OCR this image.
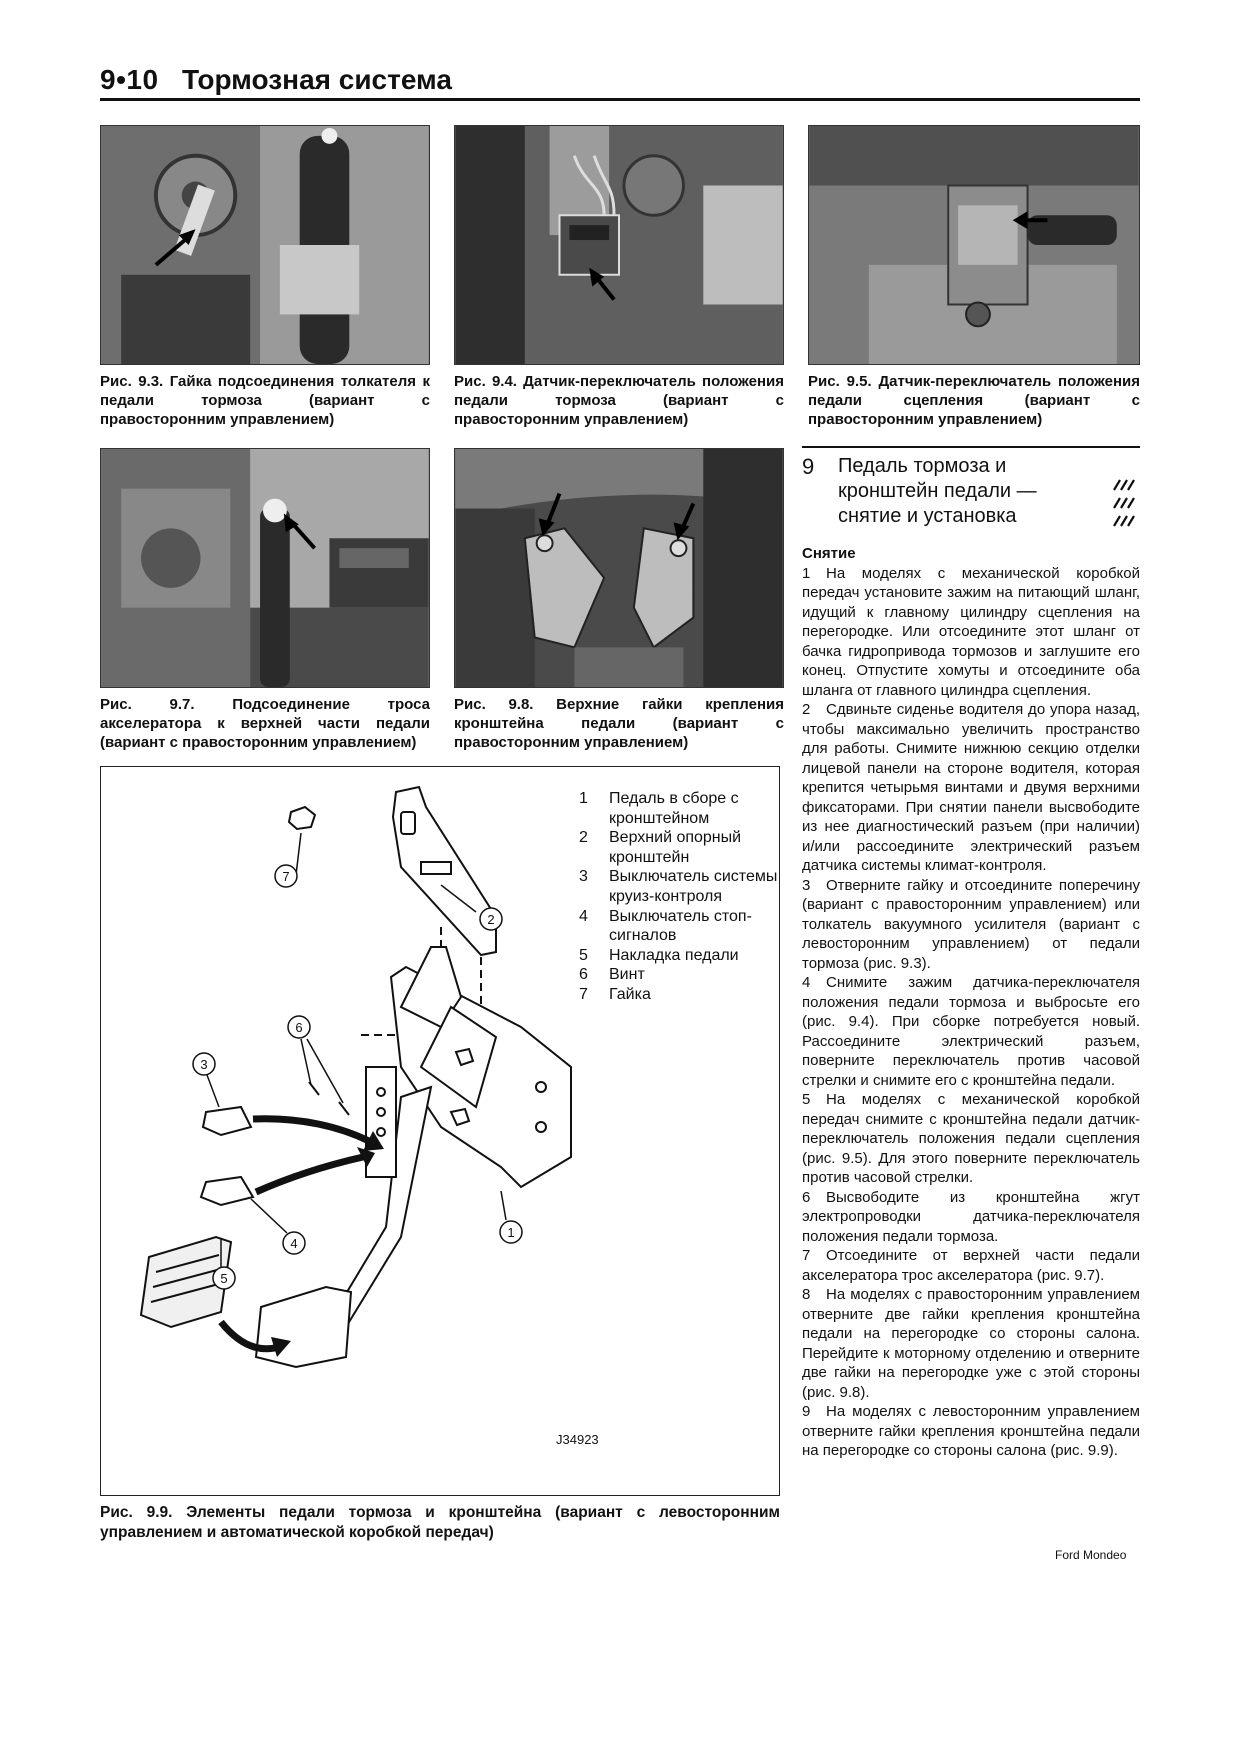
9•10 Тормозная система
Рис. 9.3. Гайка подсоединения толкателя к педали тормоза (вариант с правосторонним управлением)
Рис. 9.4. Датчик-переключатель положения педали тормоза (вариант с правосторонним управлением)
Рис. 9.5. Датчик-переключатель положения педали сцепления (вариант с правосторонним управлением)
Рис. 9.7. Подсоединение троса акселератора к верхней части педали (вариант с правосторонним управлением)
Рис. 9.8. Верхние гайки крепления кронштейна педали (вариант с правосторонним управлением)
2
7
6
3
4
1
5
1	Педаль в сборе с кронштейном
2	Верхний опорный кронштейн
3	Выключатель системы круиз-контроля
4	Выключатель стоп-сигналов
5	Накладка педали
6	Винт
7	Гайка
J34923
Рис. 9.9. Элементы педали тормоза и кронштейна (вариант с левосторонним управлением и автоматической коробкой передач)
9 Педаль тормоза и кронштейн педали — снятие и установка
Снятие

1 На моделях с механической коробкой передач установите зажим на питающий шланг, идущий к главному цилиндру сцепления на перегородке. Или отсоедините этот шланг от бачка гидропривода тормозов и заглушите его конец. Отпустите хомуты и отсоедините оба шланга от главного цилиндра сцепления.

2 Сдвиньте сиденье водителя до упора назад, чтобы максимально увеличить пространство для работы. Снимите нижнюю секцию отделки лицевой панели на стороне водителя, которая крепится четырьмя винтами и двумя верхними фиксаторами. При снятии панели высвободите из нее диагностический разъем (при наличии) и/или рассоедините электрический разъем датчика системы климат-контроля.

3 Отверните гайку и отсоедините поперечину (вариант с правосторонним управлением) или толкатель вакуумного усилителя (вариант с левосторонним управлением) от педали тормоза (рис. 9.3).

4 Снимите зажим датчика-переключателя положения педали тормоза и выбросьте его (рис. 9.4). При сборке потребуется новый. Рассоедините электрический разъем, поверните переключатель против часовой стрелки и снимите его с кронштейна педали.

5 На моделях с механической коробкой передач снимите с кронштейна педали датчик-переключатель положения педали сцепления (рис. 9.5). Для этого поверните переключатель против часовой стрелки.

6 Высвободите из кронштейна жгут электропроводки датчика-переключателя положения педали тормоза.

7 Отсоедините от верхней части педали акселератора трос акселератора (рис. 9.7).

8 На моделях с правосторонним управлением отверните две гайки крепления кронштейна педали на перегородке со стороны салона. Перейдите к моторному отделению и отверните две гайки на перегородке уже с этой стороны (рис. 9.8).

9 На моделях с левосторонним управлением отверните гайки крепления кронштейна педали на перегородке со стороны салона (рис. 9.9).

Ford Mondeo
